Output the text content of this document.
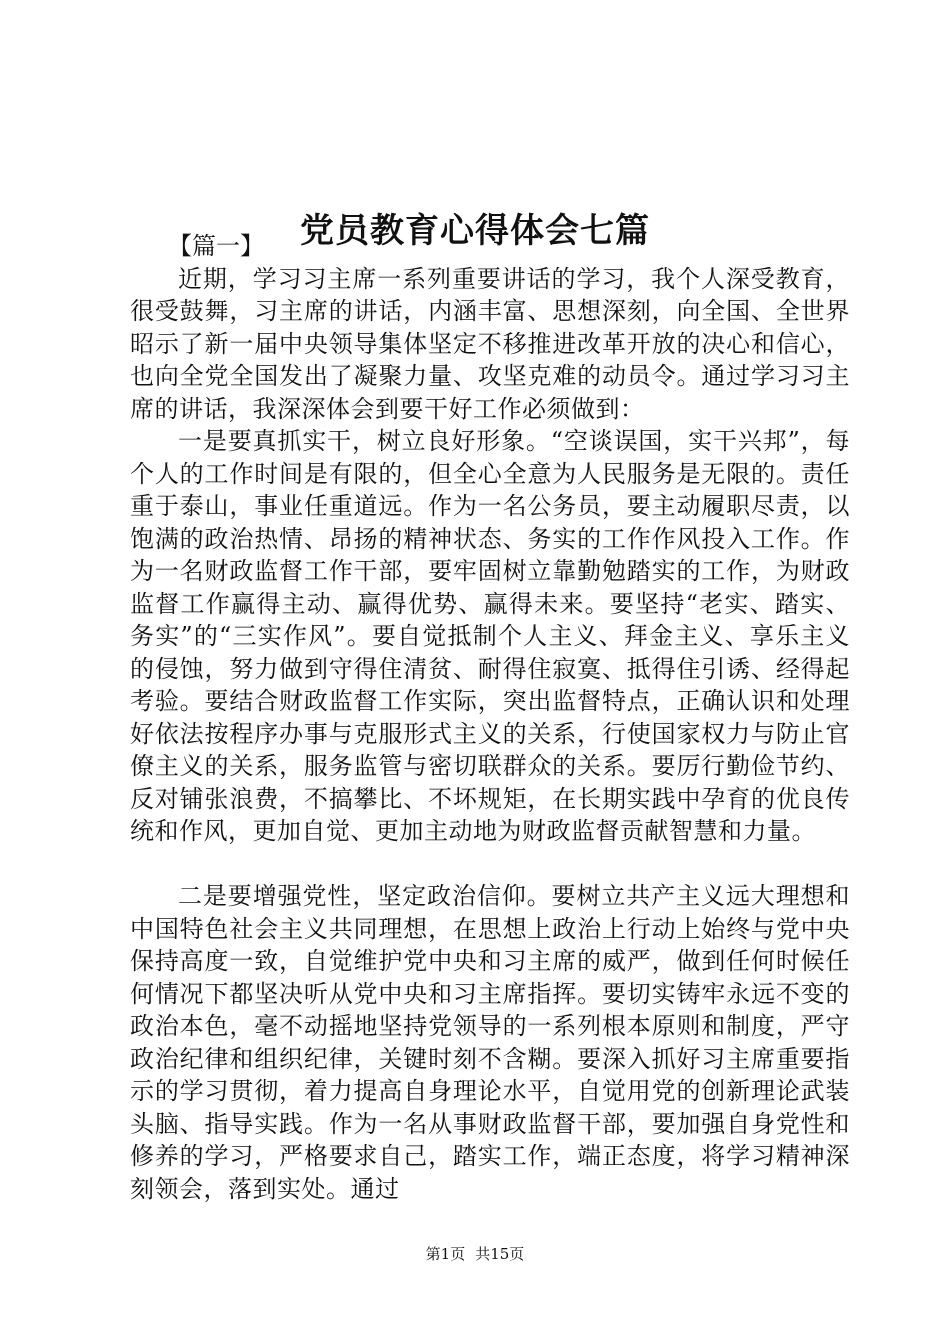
党员教育心得体会七篇

【篇一】

近期，学习习主席一系列重要讲话的学习，我个人深受教育，很受鼓舞，习主席的讲话，内涵丰富、思想深刻，向全国、全世界昭示了新一届中央领导集体坚定不移推进改革开放的决心和信心，也向全党全国发出了凝聚力量、攻坚克难的动员令。通过学习习主席的讲话，我深深体会到要干好工作必须做到：

一是要真抓实干，树立良好形象。“空谈误国，实干兴邦”，每个人的工作时间是有限的，但全心全意为人民服务是无限的。责任重于泰山，事业任重道远。作为一名公务员，要主动履职尽责，以饱满的政治热情、昂扬的精神状态、务实的工作作风投入工作。作为一名财政监督工作干部，要牢固树立靠勤勉踏实的工作，为财政监督工作赢得主动、赢得优势、赢得未来。要坚持“老实、踏实、务实”的“三实作风”。要自觉抵制个人主义、拜金主义、享乐主义的侵蚀，努力做到守得住清贫、耐得住寂寞、抵得住引诱、经得起考验。要结合财政监督工作实际，突出监督特点，正确认识和处理好依法按程序办事与克服形式主义的关系，行使国家权力与防止官僚主义的关系，服务监管与密切联群众的关系。要厉行勤俭节约、反对铺张浪费，不搞攀比、不坏规矩，在长期实践中孕育的优良传统和作风，更加自觉、更加主动地为财政监督贡献智慧和力量。

二是要增强党性，坚定政治信仰。要树立共产主义远大理想和中国特色社会主义共同理想，在思想上政治上行动上始终与党中央保持高度一致，自觉维护党中央和习主席的威严，做到任何时候任何情况下都坚决听从党中央和习主席指挥。要切实铸牢永远不变的政治本色，毫不动摇地坚持党领导的一系列根本原则和制度，严守政治纪律和组织纪律，关键时刻不含糊。要深入抓好习主席重要指示的学习贯彻，着力提高自身理论水平，自觉用党的创新理论武装头脑、指导实践。作为一名从事财政监督干部，要加强自身党性和修养的学习，严格要求自己，踏实工作，端正态度，将学习精神深刻领会，落到实处。通过

第1页 共15页
